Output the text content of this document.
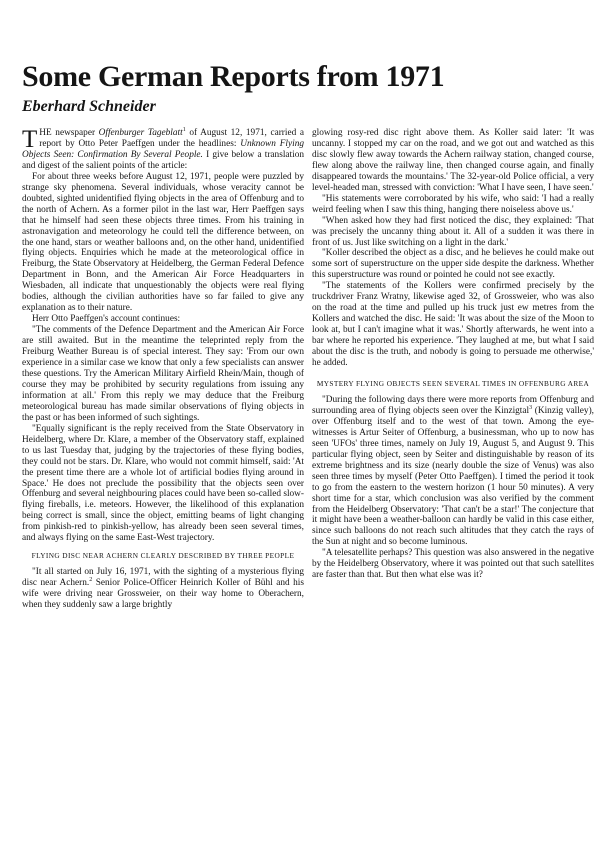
Some German Reports from 1971
Eberhard Schneider

THE newspaper Offenburger Tageblatt$^1$ of August 12, 1971, carried a report by Otto Peter Paeffgen under the headlines: Unknown Flying Objects Seen: Confirmation By Several People. I give below a translation and digest of the salient points of the article:

For about three weeks before August 12, 1971, people were puzzled by strange sky phenomena. Several individuals, whose veracity cannot be doubted, sighted unidentified flying objects in the area of Offenburg and to the north of Achern. As a former pilot in the last war, Herr Paeffgen says that he himself had seen these objects three times. From his training in astronavigation and meteorology he could tell the difference between, on the one hand, stars or weather balloons and, on the other hand, unidentified flying objects. Enquiries which he made at the meteorological office in Freiburg, the State Observatory at Heidelberg, the German Federal Defence Department in Bonn, and the American Air Force Headquarters in Wiesbaden, all indicate that unquestionably the objects were real flying bodies, although the civilian authorities have so far failed to give any explanation as to their nature.

Herr Otto Paeffgen's account continues:

"The comments of the Defence Department and the American Air Force are still awaited. But in the meantime the teleprinted reply from the Freiburg Weather Bureau is of special interest. They say: 'From our own experience in a similar case we know that only a few specialists can answer these questions. Try the American Military Airfield Rhein/Main, though of course they may be prohibited by security regulations from issuing any information at all.' From this reply we may deduce that the Freiburg meteorological bureau has made similar observations of flying objects in the past or has been informed of such sightings.

"Equally significant is the reply received from the State Observatory in Heidelberg, where Dr. Klare, a member of the Observatory staff, explained to us last Tuesday that, judging by the trajectories of these flying bodies, they could not be stars. Dr. Klare, who would not commit himself, said: 'At the present time there are a whole lot of artificial bodies flying around in Space.' He does not preclude the possibility that the objects seen over Offenburg and several neighbouring places could have been so-called slow-flying fireballs, i.e. meteors. However, the likelihood of this explanation being correct is small, since the object, emitting beams of light changing from pinkish-red to pinkish-yellow, has already been seen several times, and always flying on the same East-West trajectory.

FLYING DISC NEAR ACHERN CLEARLY DESCRIBED BY THREE PEOPLE

"It all started on July 16, 1971, with the sighting of a mysterious flying disc near Achern.$^2$ Senior Police-Officer Heinrich Koller of Bühl and his wife were driving near Grossweier, on their way home to Oberachern, when they suddenly saw a large brightly

glowing rosy-red disc right above them. As Koller said later: 'It was uncanny. I stopped my car on the road, and we got out and watched as this disc slowly flew away towards the Achern railway station, changed course, flew along above the railway line, then changed course again, and finally disappeared towards the mountains.' The 32-year-old Police official, a very level-headed man, stressed with conviction: 'What I have seen, I have seen.'

"His statements were corroborated by his wife, who said: 'I had a really weird feeling when I saw this thing, hanging there noiseless above us.'

"When asked how they had first noticed the disc, they explained: 'That was precisely the uncanny thing about it. All of a sudden it was there in front of us. Just like switching on a light in the dark.'

"Koller described the object as a disc, and he believes he could make out some sort of superstructure on the upper side despite the darkness. Whether this superstructure was round or pointed he could not see exactly.

"The statements of the Kollers were confirmed precisely by the truckdriver Franz Wratny, likewise aged 32, of Grossweier, who was also on the road at the time and pulled up his truck just ew metres from the Kollers and watched the disc. He said: 'It was about the size of the Moon to look at, but I can't imagine what it was.' Shortly afterwards, he went into a bar where he reported his experience. 'They laughed at me, but what I said about the disc is the truth, and nobody is going to persuade me otherwise,' he added.

MYSTERY FLYING OBJECTS SEEN SEVERAL TIMES IN OFFENBURG AREA

"During the following days there were more reports from Offenburg and surrounding area of flying objects seen over the Kinzigtal$^3$ (Kinzig valley), over Offenburg itself and to the west of that town. Among the eye-witnesses is Artur Seiter of Offenburg, a businessman, who up to now has seen 'UFOs' three times, namely on July 19, August 5, and August 9. This particular flying object, seen by Seiter and distinguishable by reason of its extreme brightness and its size (nearly double the size of Venus) was also seen three times by myself (Peter Otto Paeffgen). I timed the period it took to go from the eastern to the western horizon (1 hour 50 minutes). A very short time for a star, which conclusion was also verified by the comment from the Heidelberg Observatory: 'That can't be a star!' The conjecture that it might have been a weather-balloon can hardly be valid in this case either, since such balloons do not reach such altitudes that they catch the rays of the Sun at night and so become luminous.

"A telesatellite perhaps? This question was also answered in the negative by the Heidelberg Observatory, where it was pointed out that such satellites are faster than that. But then what else was it?
